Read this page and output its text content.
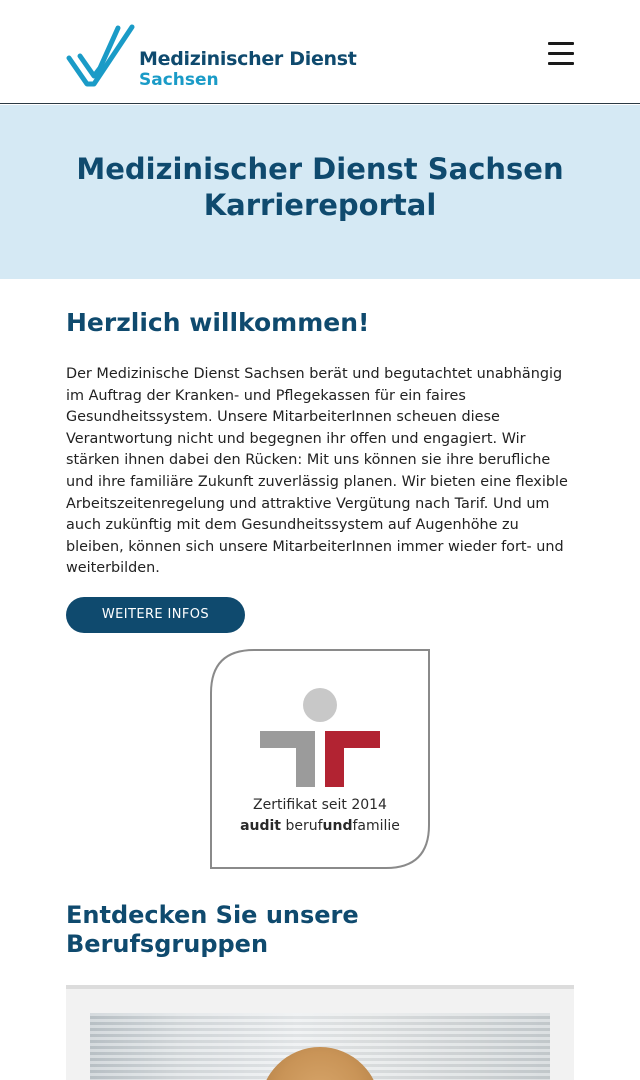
Medizinischer Dienst
Sachsen
Medizinischer Dienst Sachsen Karriereportal
Herzlich willkommen!

Der Medizinische Dienst Sachsen berät und begutachtet unabhängig im Auftrag der Kranken- und Pflegekassen für ein faires Gesundheitssystem. Unsere MitarbeiterInnen scheuen diese Verantwortung nicht und begegnen ihr offen und engagiert. Wir stärken ihnen dabei den Rücken: Mit uns können sie ihre berufliche und ihre familiäre Zukunft zuverlässig planen. Wir bieten eine flexible Arbeitszeitenregelung und attraktive Vergütung nach Tarif. Und um auch zukünftig mit dem Gesundheitssystem auf Augenhöhe zu bleiben, können sich unsere MitarbeiterInnen immer wieder fort- und weiterbilden.

WEITERE INFOS
Zertifikat seit 2014
audit berufundfamilie
Entdecken Sie unsere Berufsgruppen
